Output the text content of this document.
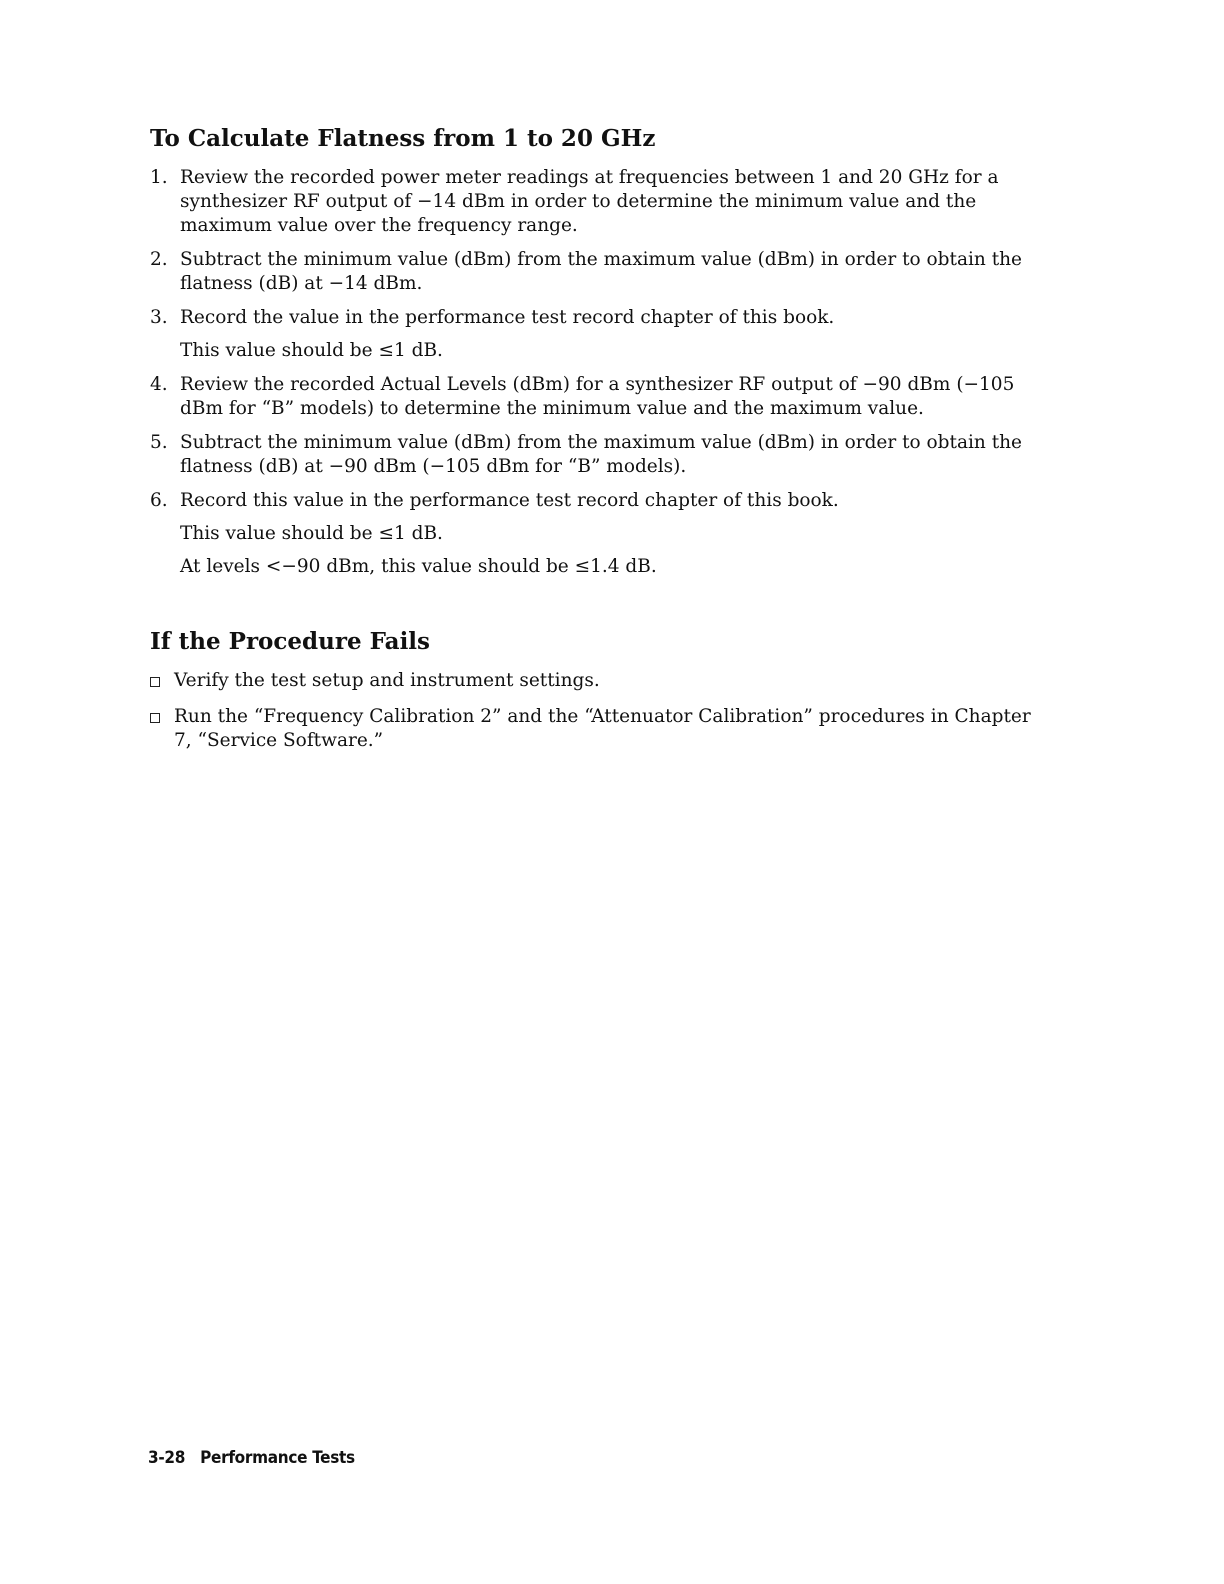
To Calculate Flatness from 1 to 20 GHz
1. Review the recorded power meter readings at frequencies between 1 and 20 GHz for a synthesizer RF output of −14 dBm in order to determine the minimum value and the maximum value over the frequency range.
2. Subtract the minimum value (dBm) from the maximum value (dBm) in order to obtain the flatness (dB) at −14 dBm.
3. Record the value in the performance test record chapter of this book.
This value should be ≤1 dB.
4. Review the recorded Actual Levels (dBm) for a synthesizer RF output of −90 dBm (−105 dBm for “B” models) to determine the minimum value and the maximum value.
5. Subtract the minimum value (dBm) from the maximum value (dBm) in order to obtain the flatness (dB) at −90 dBm (−105 dBm for “B” models).
6. Record this value in the performance test record chapter of this book.
This value should be ≤1 dB.
At levels <−90 dBm, this value should be ≤1.4 dB.
If the Procedure Fails
Verify the test setup and instrument settings.
Run the “Frequency Calibration 2” and the “Attenuator Calibration” procedures in Chapter 7, “Service Software.”
3-28 Performance Tests
